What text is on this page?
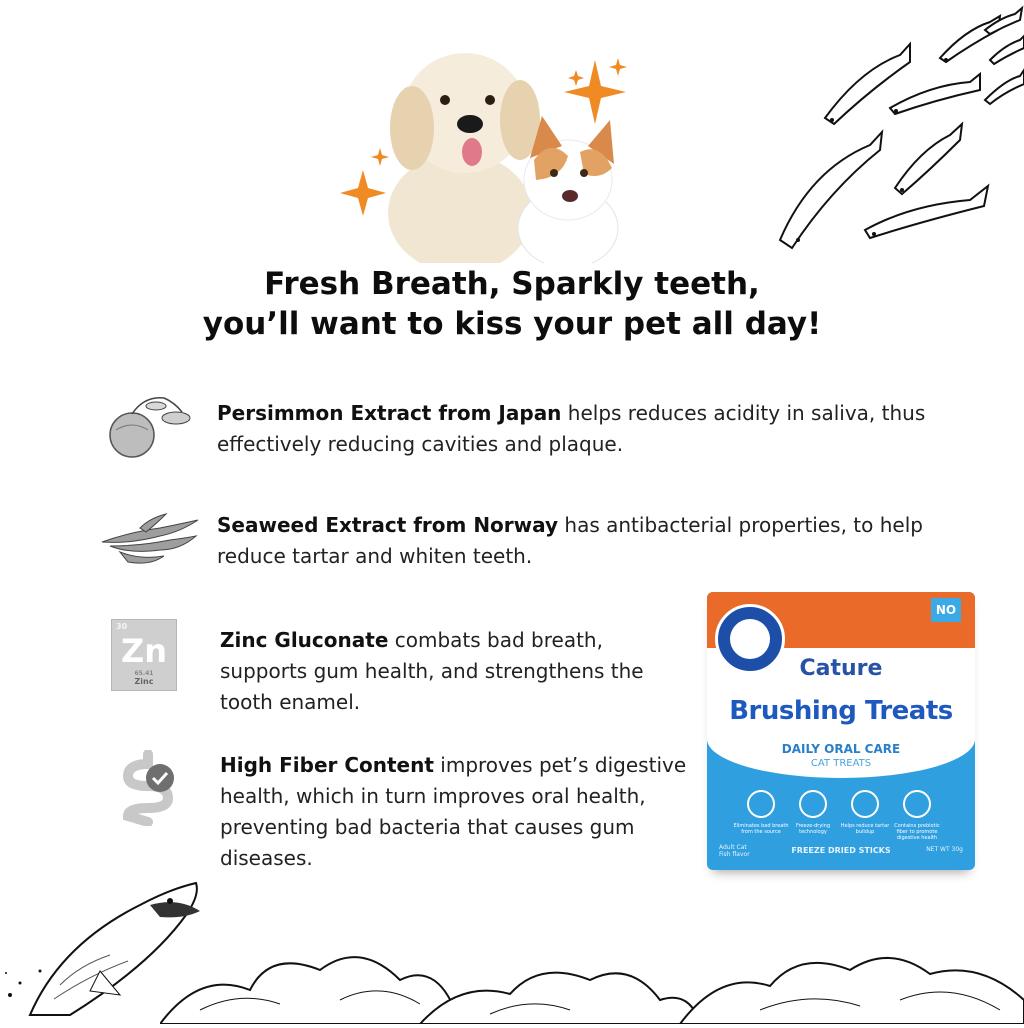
Fresh Breath, Sparkly teeth,
you’ll want to kiss your pet all day!
Persimmon Extract from Japan helps reduces acidity in saliva, thus effectively reducing cavities and plaque.
Seaweed Extract from Norway has antibacterial properties, to help reduce tartar and whiten teeth.
30
Zn
65.41
Zinc
Zinc Gluconate combats bad breath, supports gum health, and strengthens the tooth enamel.
High Fiber Content improves pet’s digestive health, which in turn improves oral health, preventing bad bacteria that causes gum diseases.
NO
Cature
Brushing Treats
DAILY ORAL CARE
CAT TREATS
Eliminates bad breath from the source
Freeze-drying technology
Helps reduce tartar buildup
Contains prebiotic fiber to promote digestive health
Adult Cat
Fish flavor	FREEZE DRIED STICKS	NET WT 30g
